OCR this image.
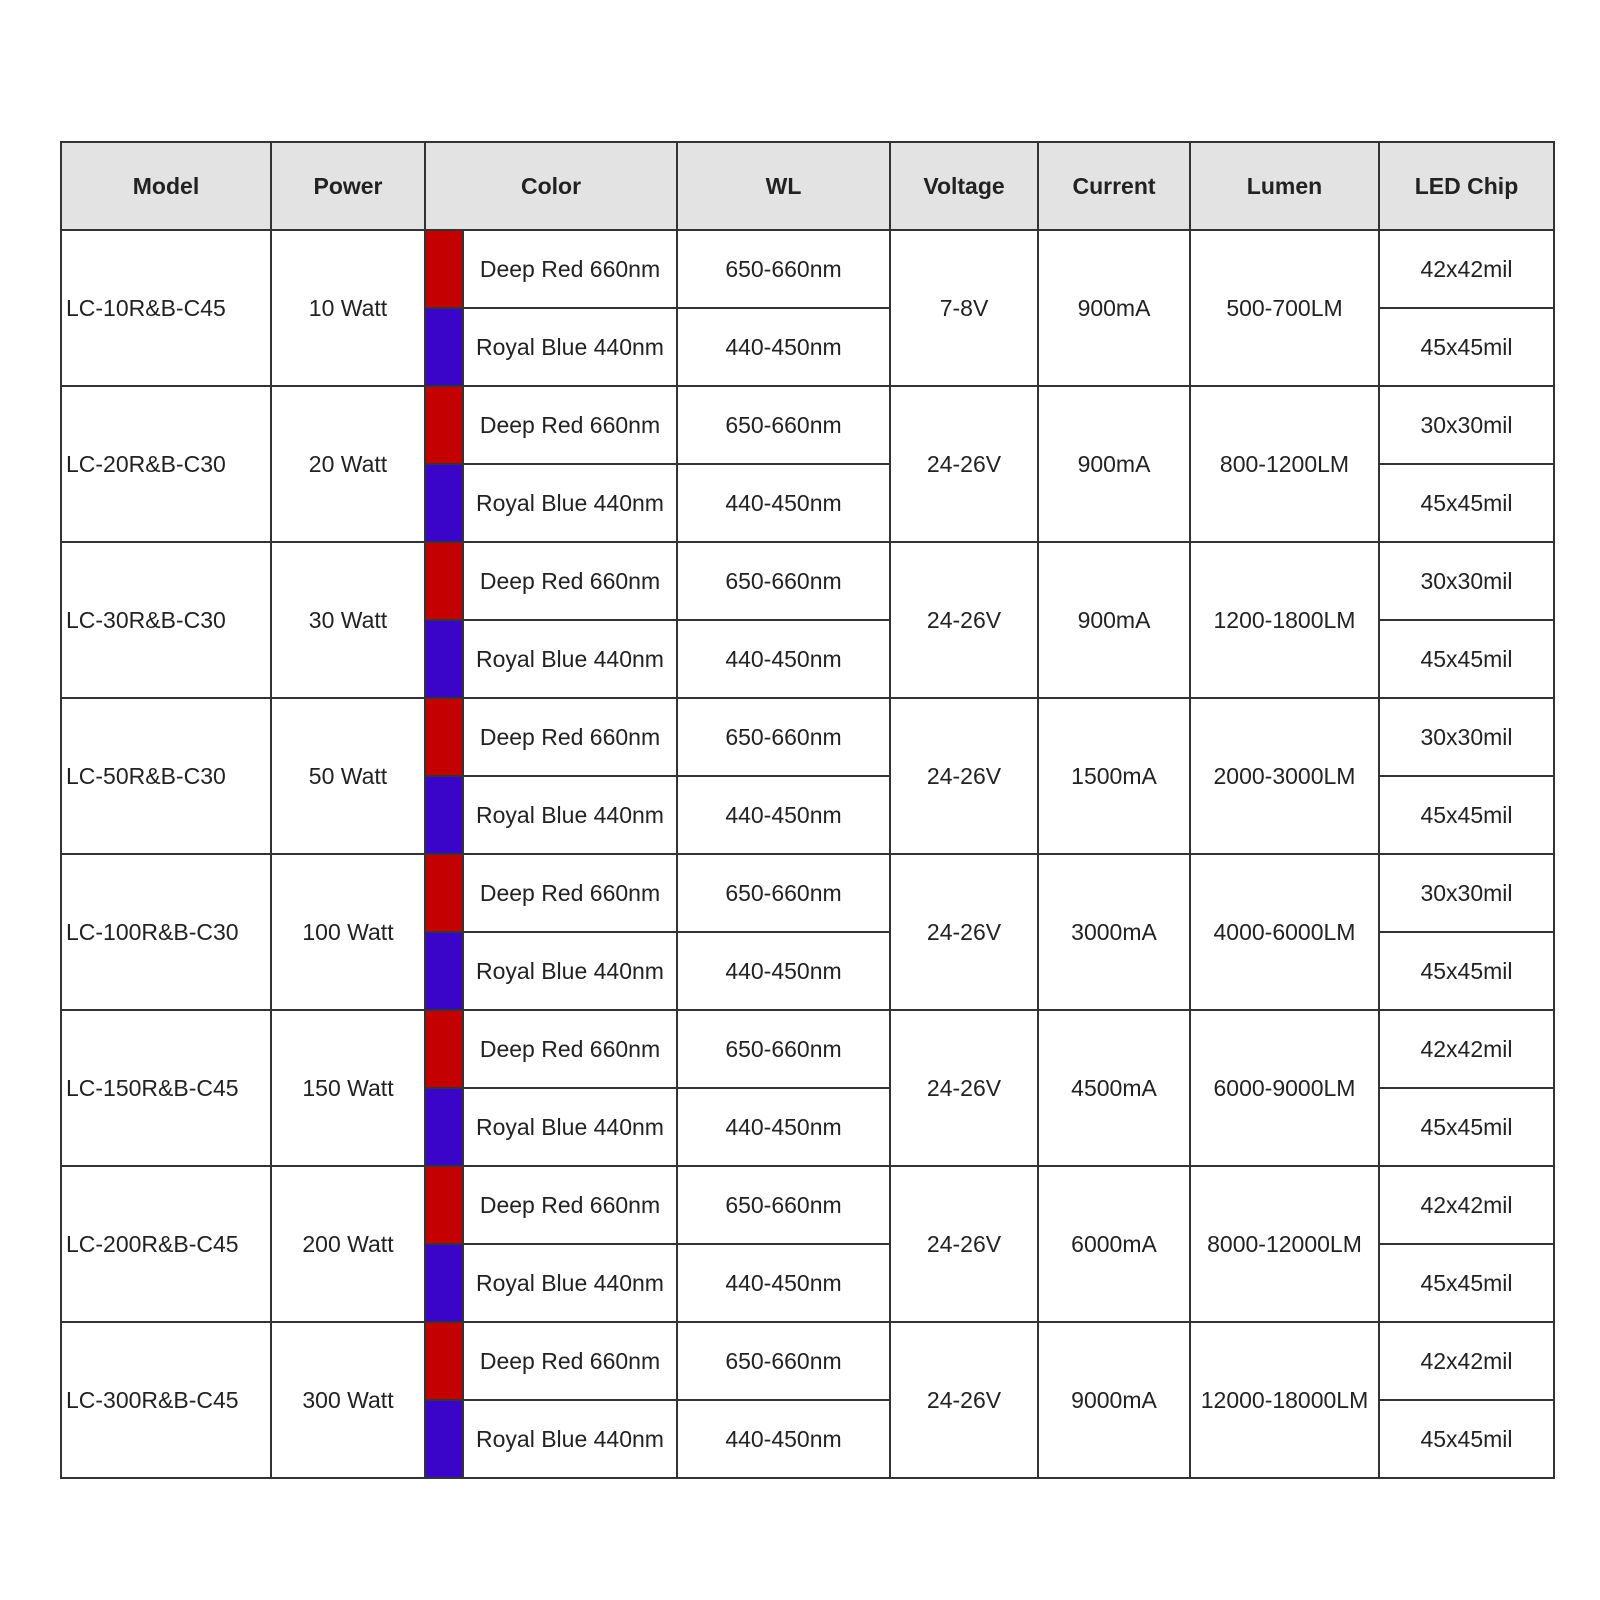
Model	Power	Color		WL	Voltage	Current	Lumen	LED Chip
LC-10R&B-C45	10 Watt		Deep Red 660nm	650-660nm	7-8V	900mA	500-700LM	42x42mil
			Royal Blue 440nm	440-450nm				45x45mil
LC-20R&B-C30	20 Watt		Deep Red 660nm	650-660nm	24-26V	900mA	800-1200LM	30x30mil
			Royal Blue 440nm	440-450nm				45x45mil
LC-30R&B-C30	30 Watt		Deep Red 660nm	650-660nm	24-26V	900mA	1200-1800LM	30x30mil
			Royal Blue 440nm	440-450nm				45x45mil
LC-50R&B-C30	50 Watt		Deep Red 660nm	650-660nm	24-26V	1500mA	2000-3000LM	30x30mil
			Royal Blue 440nm	440-450nm				45x45mil
LC-100R&B-C30	100 Watt		Deep Red 660nm	650-660nm	24-26V	3000mA	4000-6000LM	30x30mil
			Royal Blue 440nm	440-450nm				45x45mil
LC-150R&B-C45	150 Watt		Deep Red 660nm	650-660nm	24-26V	4500mA	6000-9000LM	42x42mil
			Royal Blue 440nm	440-450nm				45x45mil
LC-200R&B-C45	200 Watt		Deep Red 660nm	650-660nm	24-26V	6000mA	8000-12000LM	42x42mil
			Royal Blue 440nm	440-450nm				45x45mil
LC-300R&B-C45	300 Watt		Deep Red 660nm	650-660nm	24-26V	9000mA	12000-18000LM	42x42mil
			Royal Blue 440nm	440-450nm				45x45mil
